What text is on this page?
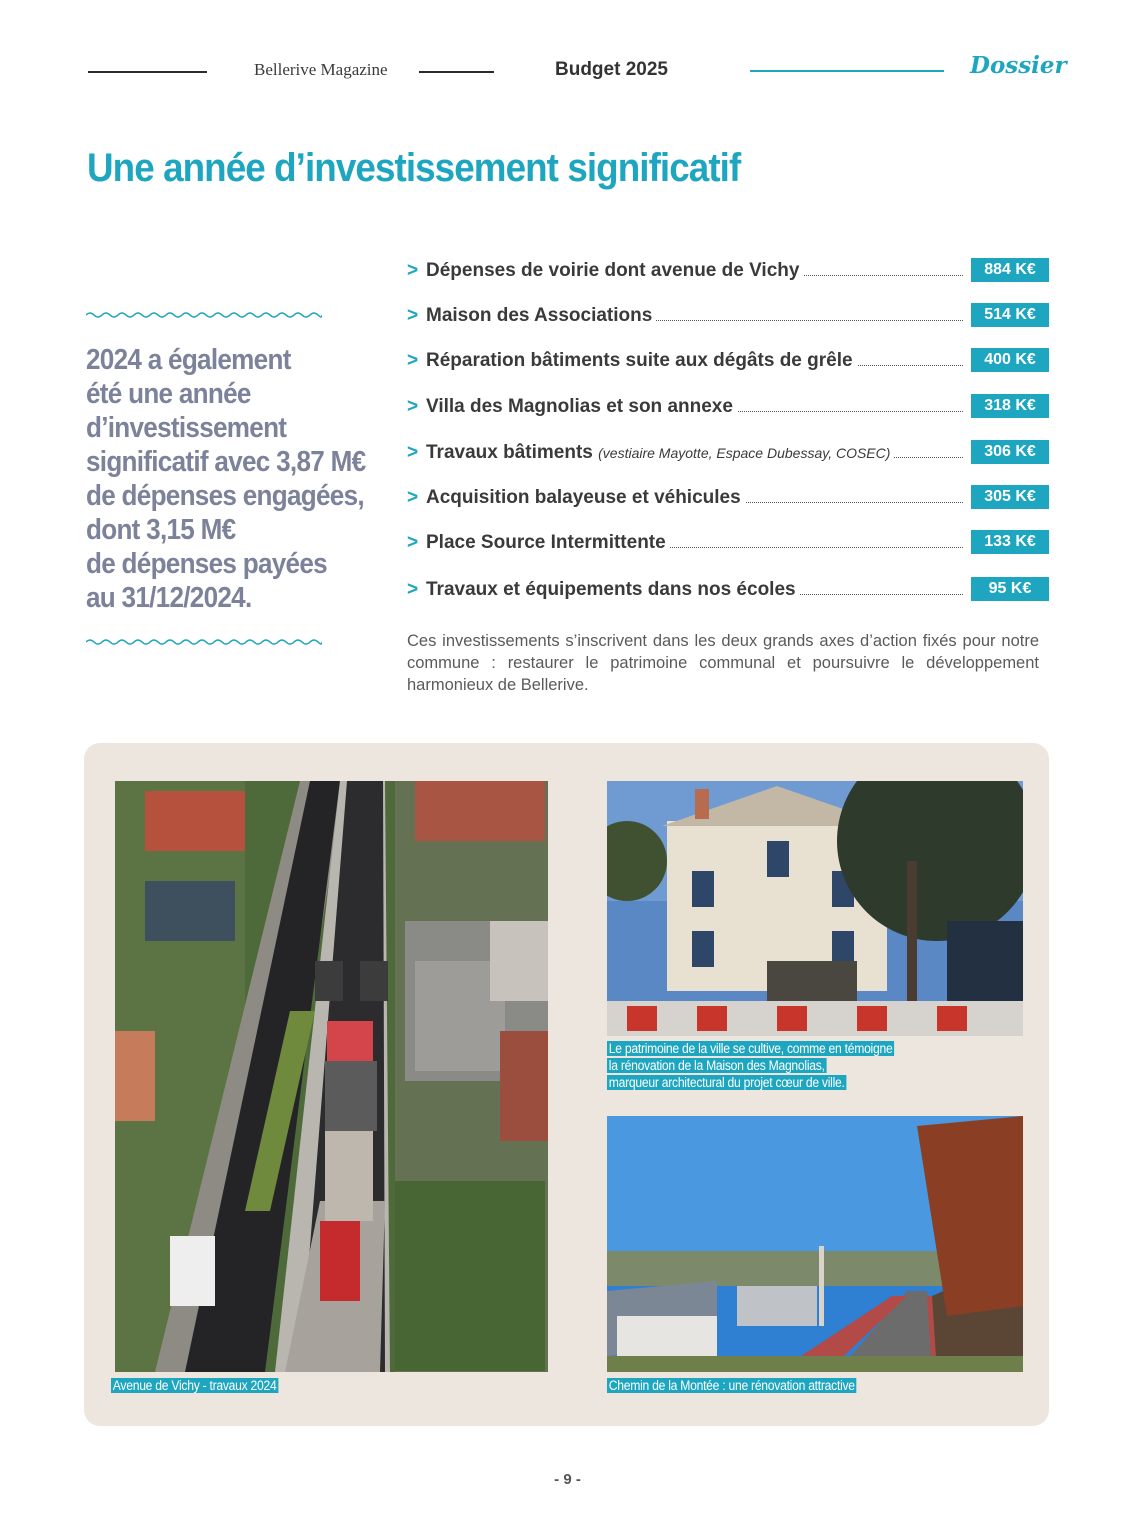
Bellerive Magazine	Budget 2025	Dossier
Une année d’investissement significatif
2024 a également
été une année
d’investissement
significatif avec 3,87 M€
de dépenses engagées,
dont 3,15 M€
de dépenses payées
au 31/12/2024.
> Dépenses de voirie dont avenue de Vichy	884 K€
> Maison des Associations	514 K€
> Réparation bâtiments suite aux dégâts de grêle	400 K€
> Villa des Magnolias et son annexe	318 K€
> Travaux bâtiments (vestiaire Mayotte, Espace Dubessay, COSEC)	306 K€
> Acquisition balayeuse et véhicules	305 K€
> Place Source Intermittente	133 K€
> Travaux et équipements dans nos écoles	95 K€
Ces investissements s’inscrivent dans les deux grands axes d’action fixés pour notre commune : restaurer le patrimoine communal et poursuivre le développement harmonieux de Bellerive.
Avenue de Vichy - travaux 2024
Le patrimoine de la ville se cultive, comme en témoigne
la rénovation de la Maison des Magnolias,
marqueur architectural du projet cœur de ville.
Chemin de la Montée : une rénovation attractive
- 9 -
